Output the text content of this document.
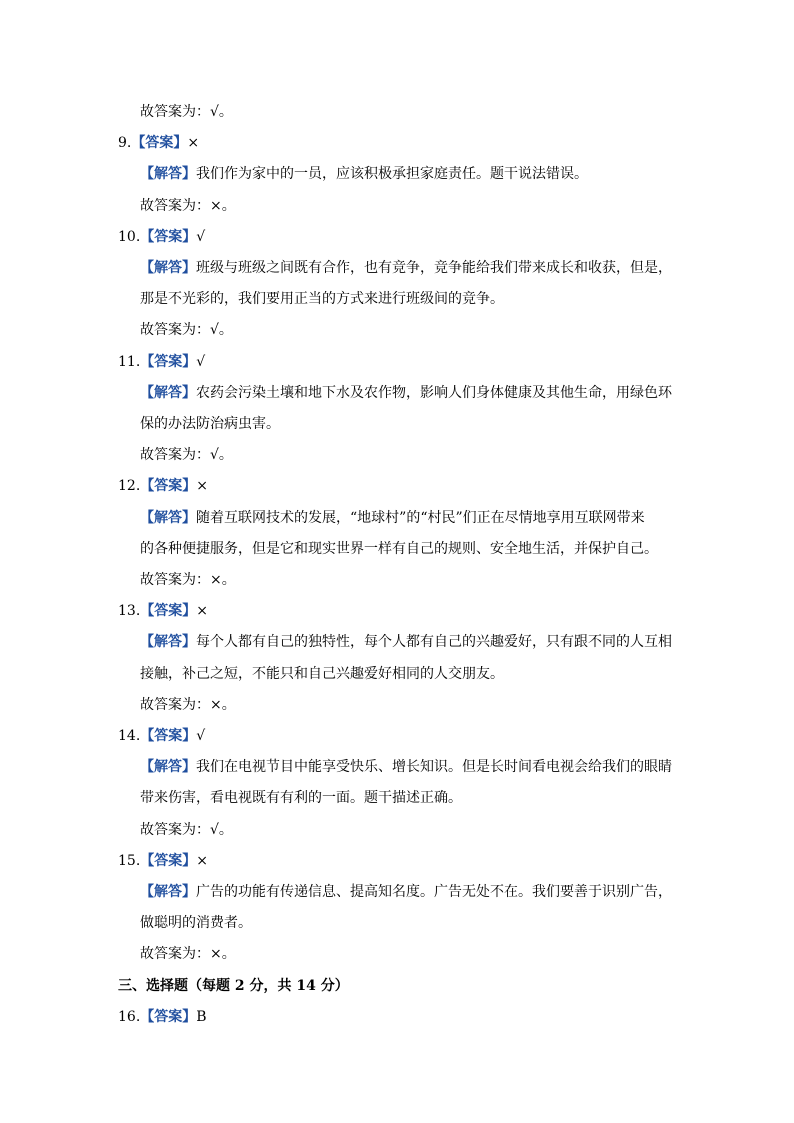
故答案为：√。
9.【答案】×
【解答】我们作为家中的一员，应该积极承担家庭责任。题干说法错误。
故答案为：×。
10.【答案】√
【解答】班级与班级之间既有合作，也有竞争，竞争能给我们带来成长和收获，但是，
那是不光彩的，我们要用正当的方式来进行班级间的竞争。
故答案为：√。
11.【答案】√
【解答】农药会污染土壤和地下水及农作物，影响人们身体健康及其他生命，用绿色环
保的办法防治病虫害。
故答案为：√。
12.【答案】×
【解答】随着互联网技术的发展，“地球村”的“村民”们正在尽情地享用互联网带来
的各种便捷服务，但是它和现实世界一样有自己的规则、安全地生活，并保护自己。
故答案为：×。
13.【答案】×
【解答】每个人都有自己的独特性，每个人都有自己的兴趣爱好，只有跟不同的人互相
接触，补己之短，不能只和自己兴趣爱好相同的人交朋友。
故答案为：×。
14.【答案】√
【解答】我们在电视节目中能享受快乐、增长知识。但是长时间看电视会给我们的眼睛
带来伤害，看电视既有有利的一面。题干描述正确。
故答案为：√。
15.【答案】×
【解答】广告的功能有传递信息、提高知名度。广告无处不在。我们要善于识别广告，
做聪明的消费者。
故答案为：×。
三、选择题（每题 2 分，共 14 分）
16.【答案】B
